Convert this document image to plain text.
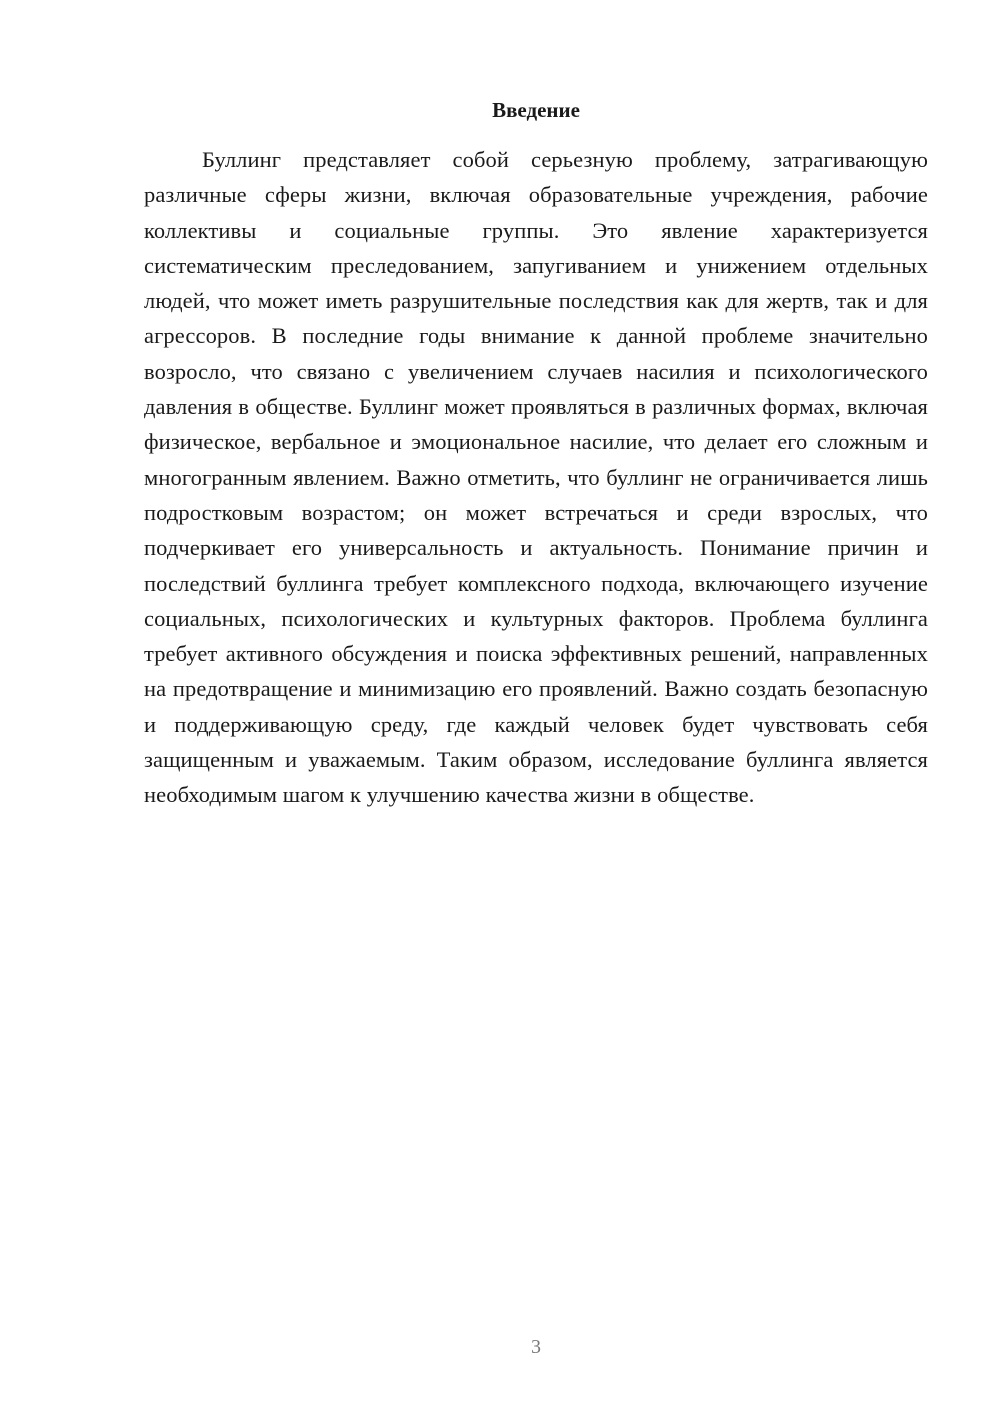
Введение

Буллинг представляет собой серьезную проблему, затрагивающую различные сферы жизни, включая образовательные учреждения, рабочие коллективы и социальные группы. Это явление характеризуется систематическим преследованием, запугиванием и унижением отдельных людей, что может иметь разрушительные последствия как для жертв, так и для агрессоров. В последние годы внимание к данной проблеме значительно возросло, что связано с увеличением случаев насилия и психологического давления в обществе. Буллинг может проявляться в различных формах, включая физическое, вербальное и эмоциональное насилие, что делает его сложным и многогранным явлением. Важно отметить, что буллинг не ограничивается лишь подростковым возрастом; он может встречаться и среди взрослых, что подчеркивает его универсальность и актуальность. Понимание причин и последствий буллинга требует комплексного подхода, включающего изучение социальных, психологических и культурных факторов. Проблема буллинга требует активного обсуждения и поиска эффективных решений, направленных на предотвращение и минимизацию его проявлений. Важно создать безопасную и поддерживающую среду, где каждый человек будет чувствовать себя защищенным и уважаемым. Таким образом, исследование буллинга является необходимым шагом к улучшению качества жизни в обществе.

3
